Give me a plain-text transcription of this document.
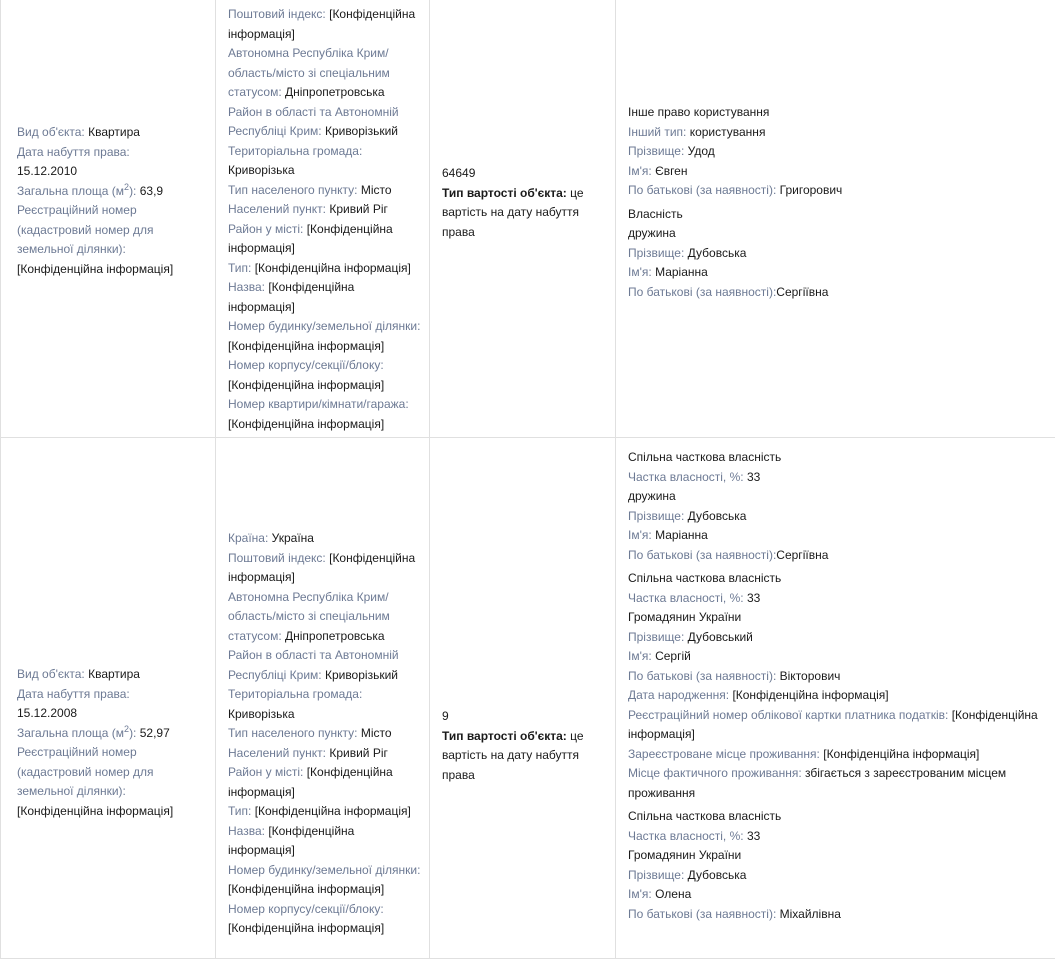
Вид об'єкта: Квартира
Дата набуття права:
15.12.2010
Загальна площа $(м^2)$: 63,9
Реєстраційний номер (кадастровий номер для земельної ділянки):
[Конфіденційна інформація]
Поштовий індекс: [Конфіденційна інформація]
Автономна Республіка Крим/ область/місто зі спеціальним статусом: Дніпропетровська
Район в області та Автономній Республіці Крим: Криворізький
Територіальна громада: Криворізька
Тип населеного пункту: Місто
Населений пункт: Кривий Ріг
Район у місті: [Конфіденційна інформація]
Тип: [Конфіденційна інформація]
Назва: [Конфіденційна інформація]
Номер будинку/земельної ділянки: [Конфіденційна інформація]
Номер корпусу/секції/блоку: [Конфіденційна інформація]
Номер квартири/кімнати/гаража: [Конфіденційна інформація]
64649
Тип вартості об'єкта: це вартість на дату набуття права
Інше право користування
Інший тип: користування
Прізвище: Удод
Ім'я: Євген
По батькові (за наявності): Григорович
Власність
дружина
Прізвище: Дубовська
Ім'я: Маріанна
По батькові (за наявності):Сергіївна
Вид об'єкта: Квартира
Дата набуття права:
15.12.2008
Загальна площа $(м^2)$: 52,97
Реєстраційний номер (кадастровий номер для земельної ділянки):
[Конфіденційна інформація]
Країна: Україна
Поштовий індекс: [Конфіденційна інформація]
Автономна Республіка Крим/ область/місто зі спеціальним статусом: Дніпропетровська
Район в області та Автономній Республіці Крим: Криворізький
Територіальна громада: Криворізька
Тип населеного пункту: Місто
Населений пункт: Кривий Ріг
Район у місті: [Конфіденційна інформація]
Тип: [Конфіденційна інформація]
Назва: [Конфіденційна інформація]
Номер будинку/земельної ділянки: [Конфіденційна інформація]
Номер корпусу/секції/блоку: [Конфіденційна інформація]
9
Тип вартості об'єкта: це вартість на дату набуття права
Спільна часткова власність
Частка власності, %: 33
дружина
Прізвище: Дубовська
Ім'я: Маріанна
По батькові (за наявності):Сергіївна
Спільна часткова власність
Частка власності, %: 33
Громадянин України
Прізвище: Дубовський
Ім'я: Сергій
По батькові (за наявності): Вікторович
Дата народження: [Конфіденційна інформація]
Реєстраційний номер облікової картки платника податків: [Конфіденційна інформація]
Зареєстроване місце проживання: [Конфіденційна інформація]
Місце фактичного проживання: збігається з зареєстрованим місцем проживання
Спільна часткова власність
Частка власності, %: 33
Громадянин України
Прізвище: Дубовська
Ім'я: Олена
По батькові (за наявності): Міхайлівна
